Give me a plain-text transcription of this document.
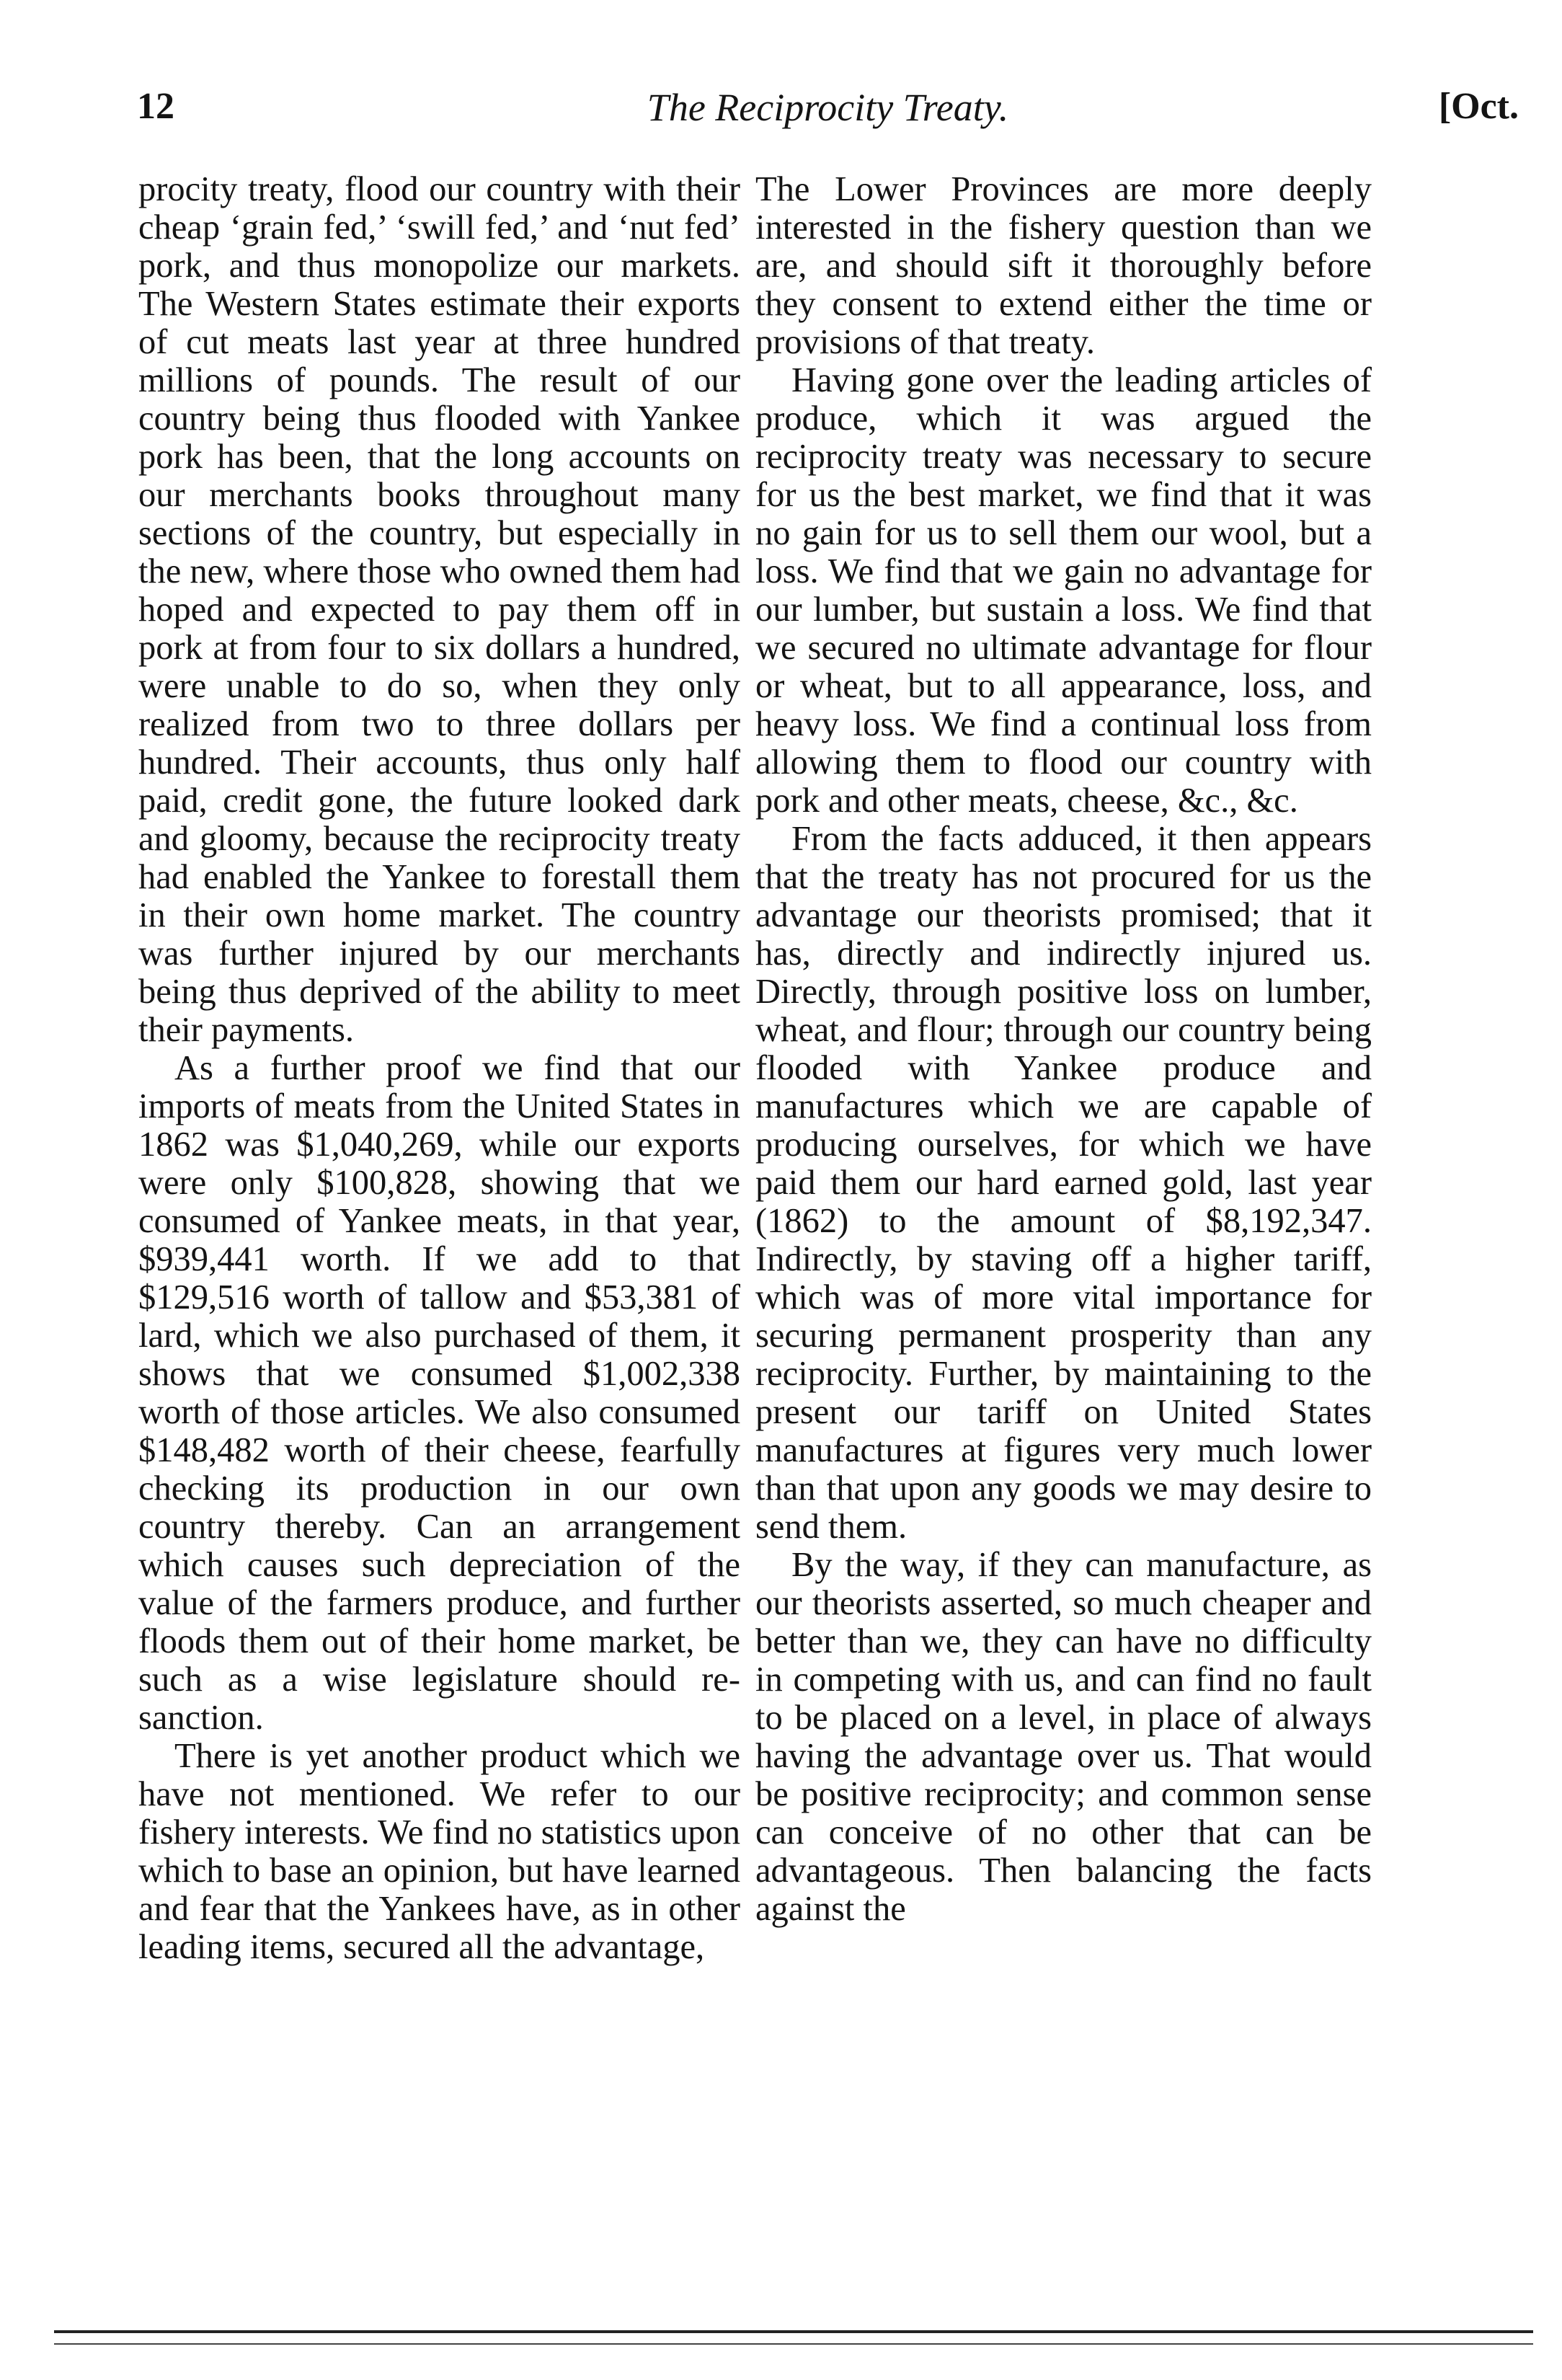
12	The Reciprocity Treaty.	[Oct.

procity treaty, flood our country with their cheap ‘grain fed,’ ‘swill fed,’ and ‘nut fed’ pork, and thus monopolize our markets. The Western States estimate their exports of cut meats last year at three hundred millions of pounds. The result of our country being thus flooded with Yankee pork has been, that the long accounts on our merchants books throughout many sections of the country, but especially in the new, where those who owned them had hoped and expected to pay them off in pork at from four to six dollars a hundred, were unable to do so, when they only realized from two to three dollars per hundred. Their accounts, thus only half paid, credit gone, the future looked dark and gloomy, because the reciprocity treaty had enabled the Yankee to forestall them in their own home market. The country was further injured by our merchants being thus deprived of the ability to meet their payments.

As a further proof we find that our imports of meats from the United States in 1862 was $1,040,269, while our exports were only $100,828, showing that we consumed of Yankee meats, in that year, $939,441 worth. If we add to that $129,516 worth of tallow and $53,381 of lard, which we also purchased of them, it shows that we consumed $1,002,338 worth of those articles. We also consumed $148,482 worth of their cheese, fearfully checking its production in our own country thereby. Can an arrangement which causes such depreciation of the value of the farmers produce, and further floods them out of their home market, be such as a wise legislature should re-sanction.

There is yet another product which we have not mentioned. We refer to our fishery interests. We find no statistics upon which to base an opinion, but have learned and fear that the Yankees have, as in other leading items, secured all the advantage,

The Lower Provinces are more deeply interested in the fishery question than we are, and should sift it thoroughly before they consent to extend either the time or provisions of that treaty.

Having gone over the leading articles of produce, which it was argued the reciprocity treaty was necessary to secure for us the best market, we find that it was no gain for us to sell them our wool, but a loss. We find that we gain no advantage for our lumber, but sustain a loss. We find that we secured no ultimate advantage for flour or wheat, but to all appearance, loss, and heavy loss. We find a continual loss from allowing them to flood our country with pork and other meats, cheese, &c., &c.

From the facts adduced, it then appears that the treaty has not procured for us the advantage our theorists promised; that it has, directly and indirectly injured us. Directly, through positive loss on lumber, wheat, and flour; through our country being flooded with Yankee produce and manufactures which we are capable of producing ourselves, for which we have paid them our hard earned gold, last year (1862) to the amount of $8,192,347. Indirectly, by staving off a higher tariff, which was of more vital importance for securing permanent prosperity than any reciprocity. Further, by maintaining to the present our tariff on United States manufactures at figures very much lower than that upon any goods we may desire to send them.

By the way, if they can manufacture, as our theorists asserted, so much cheaper and better than we, they can have no difficulty in competing with us, and can find no fault to be placed on a level, in place of always having the advantage over us. That would be positive reciprocity; and common sense can conceive of no other that can be advantageous. Then balancing the facts against the
